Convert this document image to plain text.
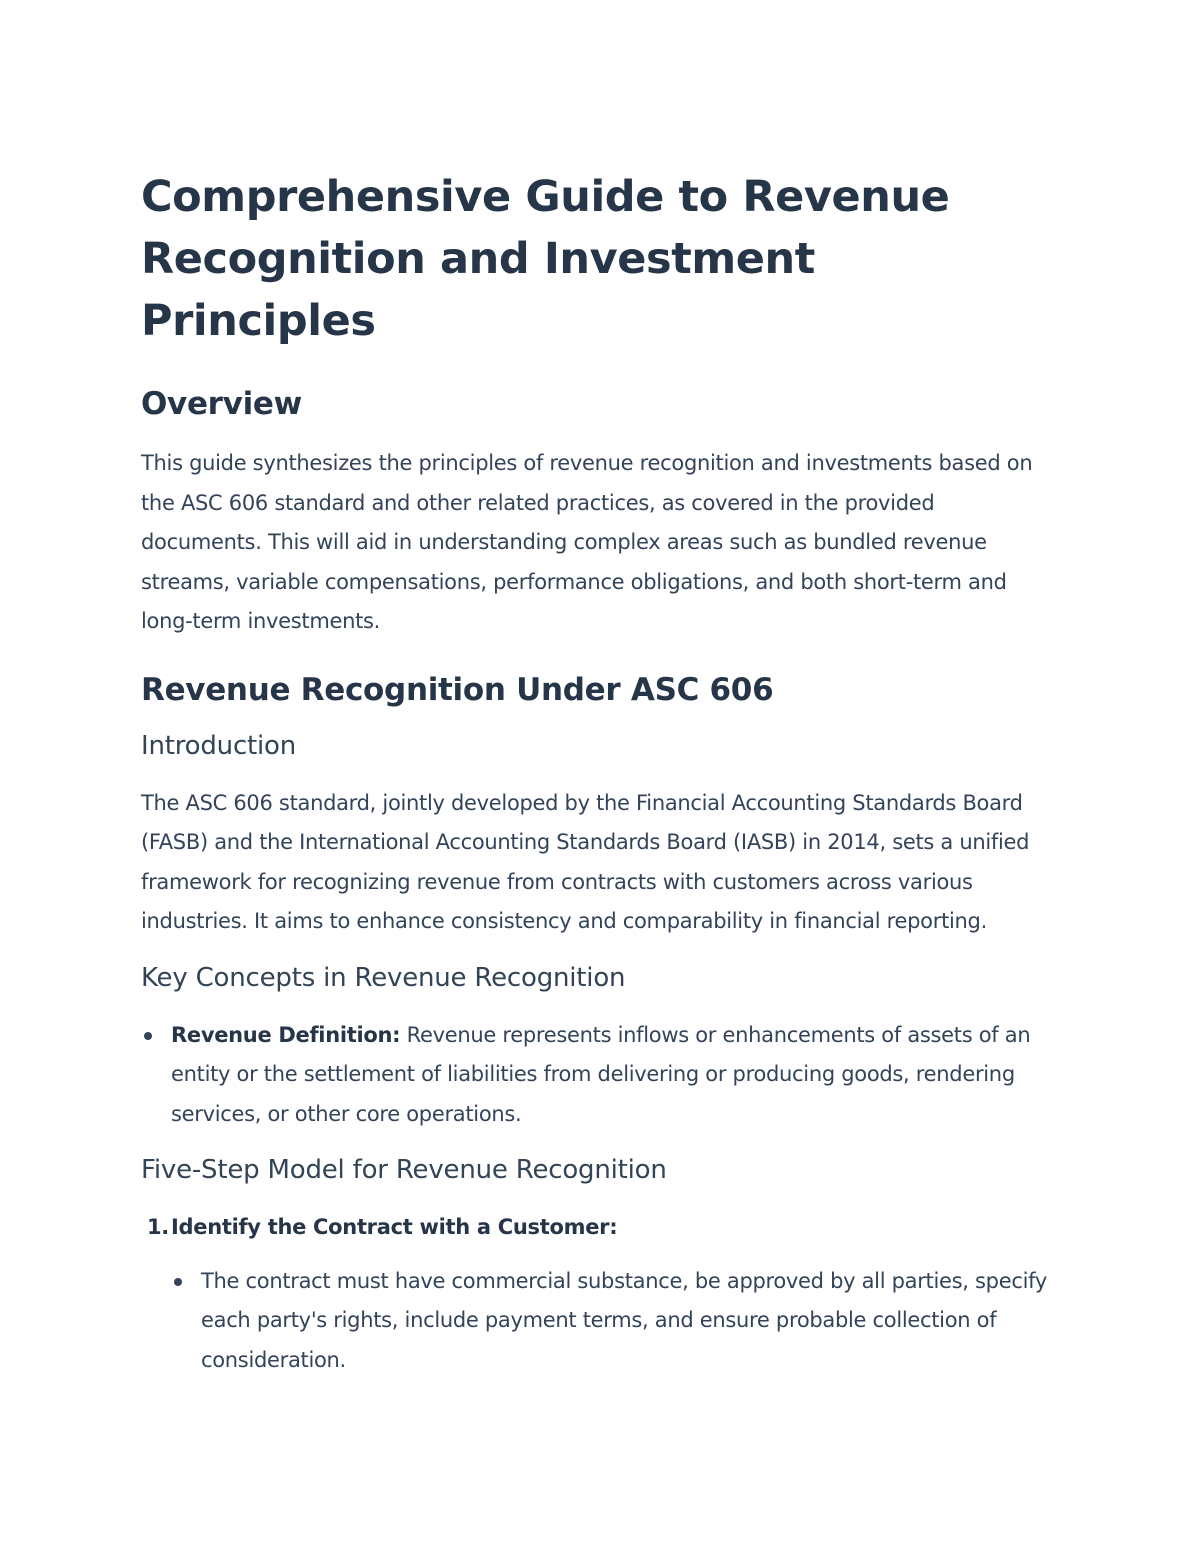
Comprehensive Guide to Revenue Recognition and Investment Principles
Overview

This guide synthesizes the principles of revenue recognition and investments based on the ASC 606 standard and other related practices, as covered in the provided documents. This will aid in understanding complex areas such as bundled revenue streams, variable compensations, performance obligations, and both short-term and long-term investments.

Revenue Recognition Under ASC 606
Introduction

The ASC 606 standard, jointly developed by the Financial Accounting Standards Board (FASB) and the International Accounting Standards Board (IASB) in 2014, sets a unified framework for recognizing revenue from contracts with customers across various industries. It aims to enhance consistency and comparability in financial reporting.

Key Concepts in Revenue Recognition
Revenue Definition: Revenue represents inflows or enhancements of assets of an entity or the settlement of liabilities from delivering or producing goods, rendering services, or other core operations.
Five-Step Model for Revenue Recognition
1. Identify the Contract with a Customer:
The contract must have commercial substance, be approved by all parties, specify each party's rights, include payment terms, and ensure probable collection of consideration.
